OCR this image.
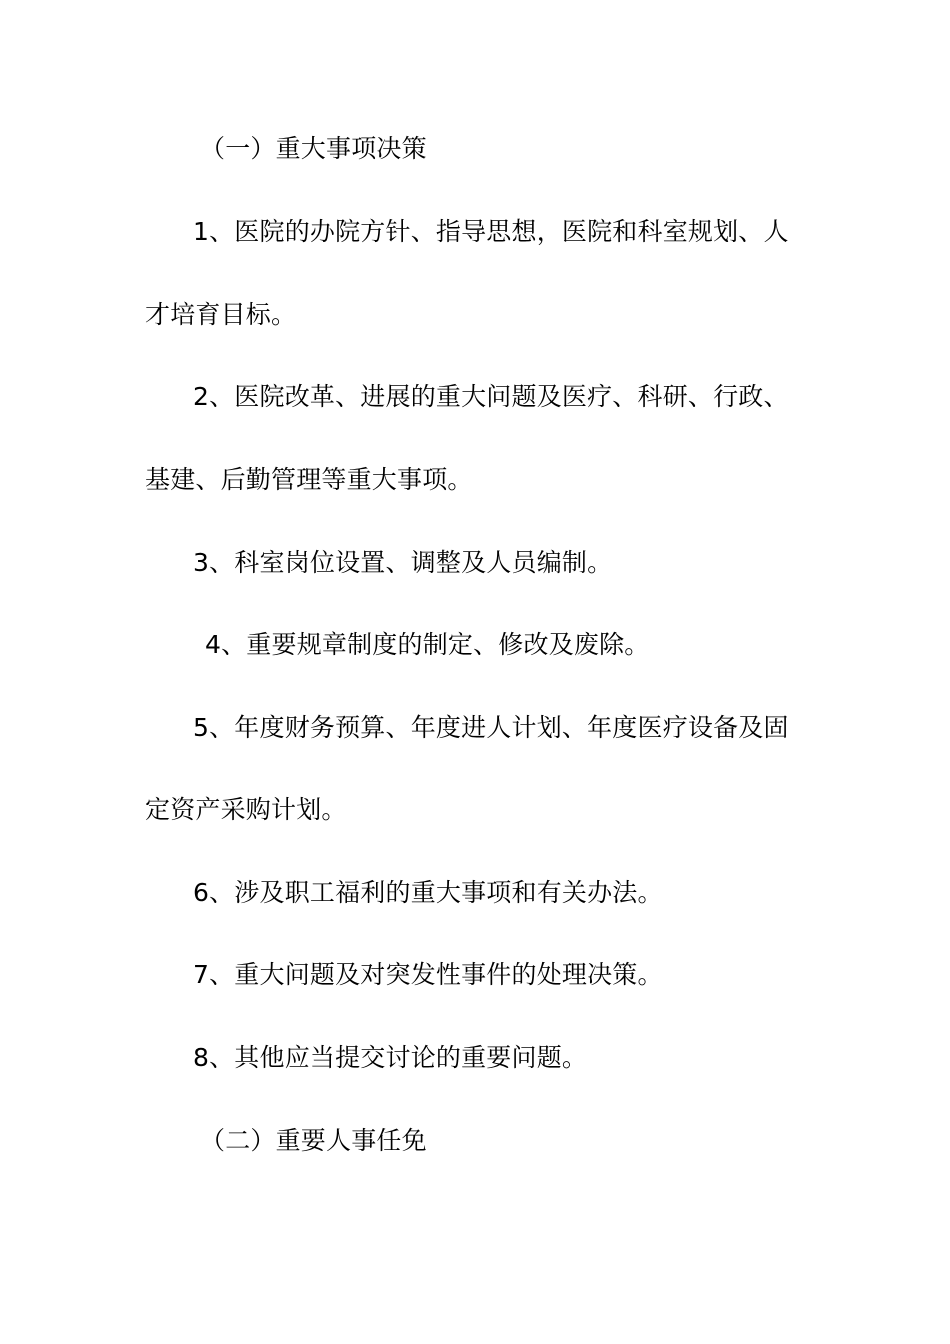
（一）重大事项决策
1、医院的办院方针、指导思想，医院和科室规划、人
才培育目标。
2、医院改革、进展的重大问题及医疗、科研、行政、
基建、后勤管理等重大事项。
3、科室岗位设置、调整及人员编制。
4、重要规章制度的制定、修改及废除。
5、年度财务预算、年度进人计划、年度医疗设备及固
定资产采购计划。
6、涉及职工福利的重大事项和有关办法。
7、重大问题及对突发性事件的处理决策。
8、其他应当提交讨论的重要问题。
（二）重要人事任免
